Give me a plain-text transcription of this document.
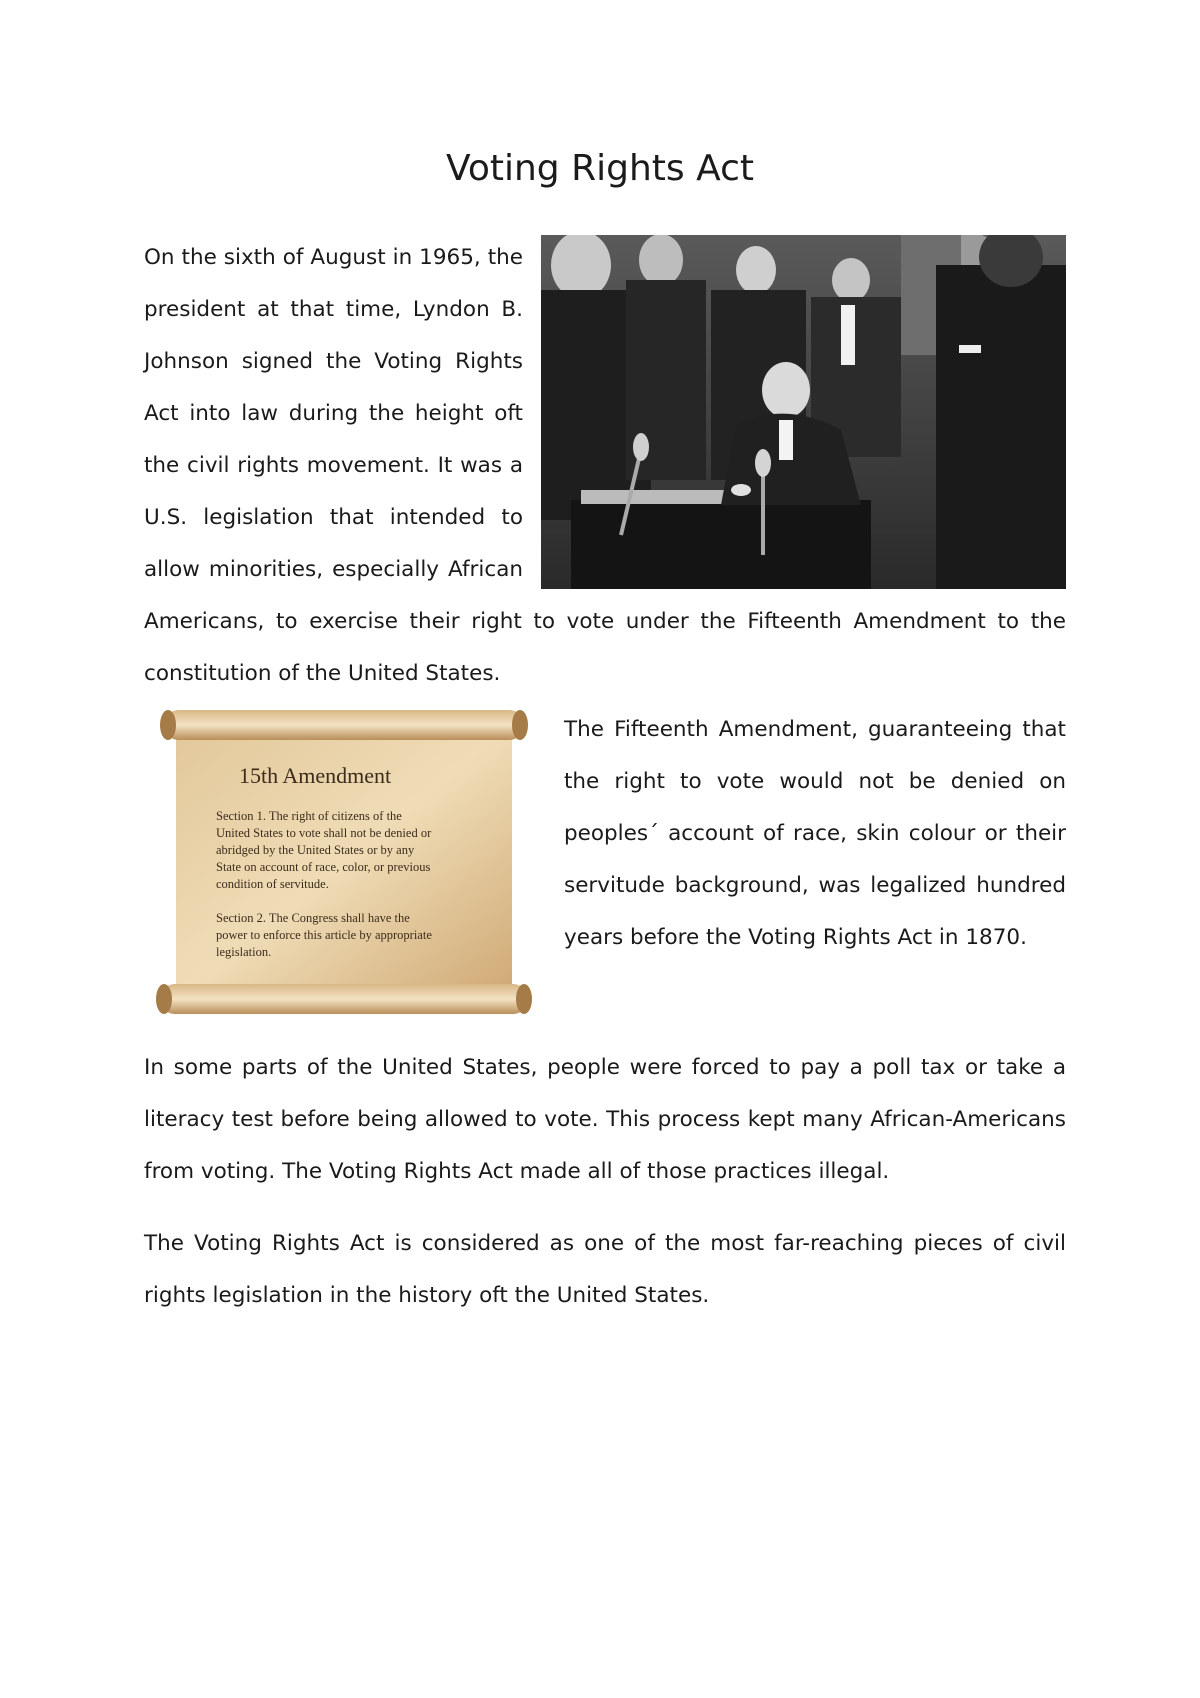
Voting Rights Act
On the sixth of August in 1965, the president at that time, Lyndon B. Johnson signed the Voting Rights Act into law during the height oft the civil rights movement. It was a U.S. legislation that intended to allow minorities, especially African Americans, to exercise their right to vote under the Fifteenth Amendment to the constitution of the United States.
15th Amendment
Section 1. The right of citizens of the
United States to vote shall not be denied or
abridged by the United States or by any
State on account of race, color, or previous
condition of servitude.
Section 2. The Congress shall have the
power to enforce this article by appropriate
legislation.
The Fifteenth Amendment, guaranteeing that the right to vote would not be denied on peoples´ account of race, skin colour or their servitude background, was legalized hundred years before the Voting Rights Act in 1870.
In some parts of the United States, people were forced to pay a poll tax or take a literacy test before being allowed to vote. This process kept many African-Americans from voting. The Voting Rights Act made all of those practices illegal.
The Voting Rights Act is considered as one of the most far-reaching pieces of civil rights legislation in the history oft the United States.
